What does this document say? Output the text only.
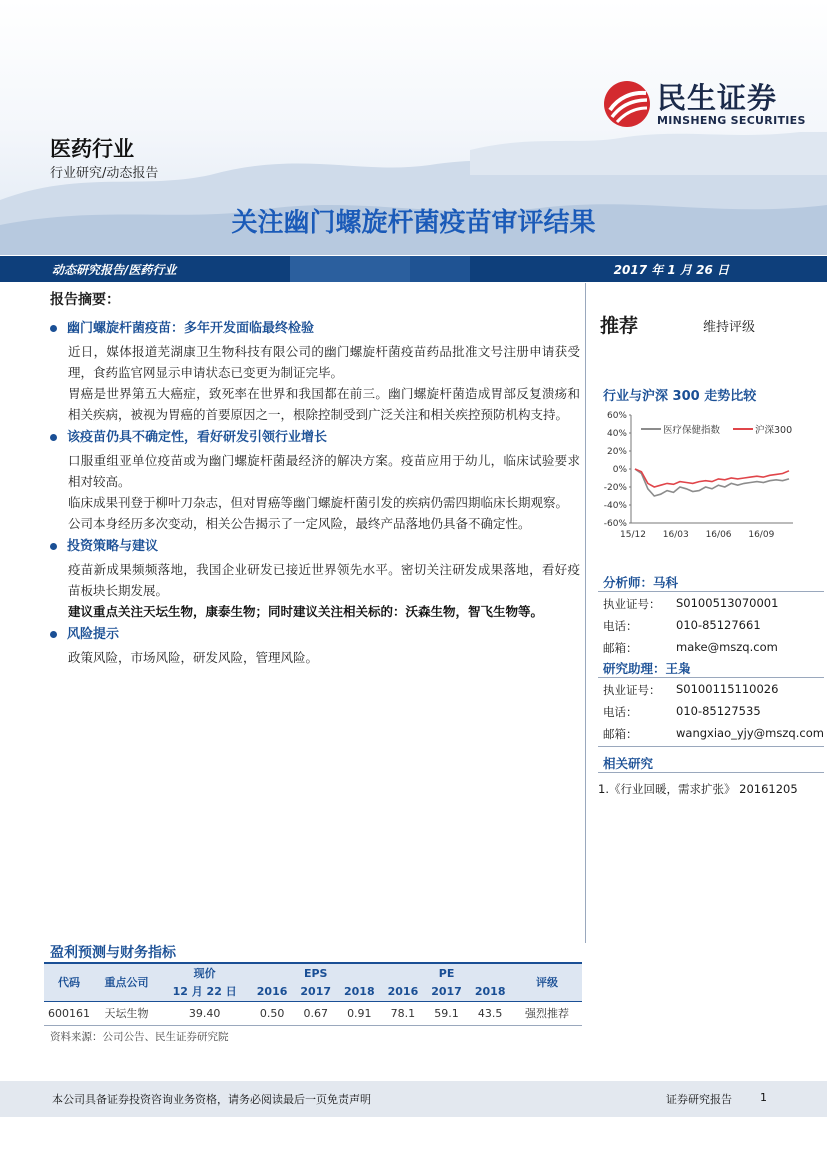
民生证券
MINSHENG SECURITIES
医药行业
行业研究/动态报告
关注幽门螺旋杆菌疫苗审评结果
动态研究报告/医药行业	2017 年 1 月 26 日
报告摘要：
幽门螺旋杆菌疫苗：多年开发面临最终检验
近日，媒体报道芜湖康卫生物科技有限公司的幽门螺旋杆菌疫苗药品批准文号注册申请获受理，食药监官网显示申请状态已变更为制证完毕。
胃癌是世界第五大癌症，致死率在世界和我国都在前三。幽门螺旋杆菌造成胃部反复溃疡和相关疾病，被视为胃癌的首要原因之一，根除控制受到广泛关注和相关疾控预防机构支持。
该疫苗仍具不确定性，看好研发引领行业增长
口服重组亚单位疫苗或为幽门螺旋杆菌最经济的解决方案。疫苗应用于幼儿，临床试验要求相对较高。
临床成果刊登于柳叶刀杂志，但对胃癌等幽门螺旋杆菌引发的疾病仍需四期临床长期观察。
公司本身经历多次变动，相关公告揭示了一定风险，最终产品落地仍具备不确定性。
投资策略与建议
疫苗新成果频频落地，我国企业研发已接近世界领先水平。密切关注研发成果落地，看好疫苗板块长期发展。
建议重点关注天坛生物，康泰生物；同时建议关注相关标的：沃森生物，智飞生物等。
风险提示
政策风险，市场风险，研发风险，管理风险。
推荐	维持评级
行业与沪深 300 走势比较
60%
40%
20%
0%
-20%
-40%
-60%
15/12 16/03 16/06 16/09
医疗保健指数	沪深300
分析师：马科
执业证号：	S0100513070001
电话：	010-85127661
邮箱：	make@mszq.com
研究助理：王枭
执业证号：	S0100115110026
电话：	010-85127535
邮箱：	wangxiao_yjy@mszq.com
相关研究
1.《行业回暖，需求扩张》 20161205
盈利预测与财务指标
代码	重点公司	现价	EPS			PE			评级
		12 月 22 日	2016	2017	2018	2016	2017	2018	
600161	天坛生物	39.40	0.50	0.67	0.91	78.1	59.1	43.5	强烈推荐
资料来源：公司公告、民生证券研究院
本公司具备证券投资咨询业务资格，请务必阅读最后一页免责声明	证券研究报告	1
